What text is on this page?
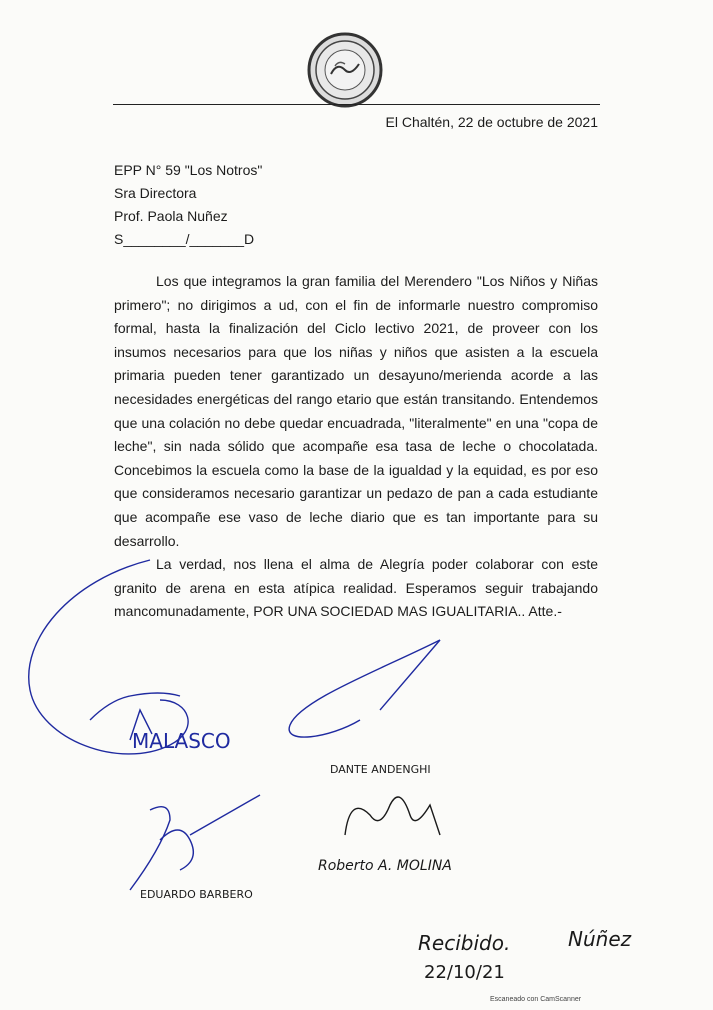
El Chaltén, 22 de octubre de 2021
EPP N° 59 "Los Notros"
Sra Directora
Prof. Paola Nuñez
S________/_______D

Los que integramos la gran familia del Merendero "Los Niños y Niñas primero"; no dirigimos a ud, con el fin de informarle nuestro compromiso formal, hasta la finalización del Ciclo lectivo 2021, de proveer con los insumos necesarios para que los niñas y niños que asisten a la escuela primaria pueden tener garantizado un desayuno/merienda acorde a las necesidades energéticas del rango etario que están transitando. Entendemos que una colación no debe quedar encuadrada, "literalmente" en una "copa de leche", sin nada sólido que acompañe esa tasa de leche o chocolatada. Concebimos la escuela como la base de la igualdad y la equidad, es por eso que consideramos necesario garantizar un pedazo de pan a cada estudiante que acompañe ese vaso de leche diario que es tan importante para su desarrollo.

La verdad, nos llena el alma de Alegría poder colaborar con este granito de arena en esta atípica realidad. Esperamos seguir trabajando mancomunadamente, POR UNA SOCIEDAD MAS IGUALITARIA.. Atte.-

MALASCO
DANTE ANDENGHI
EDUARDO BARBERO
Roberto A. MOLINA
Recibido.	Núñez
22/10/21
Escaneado con CamScanner
